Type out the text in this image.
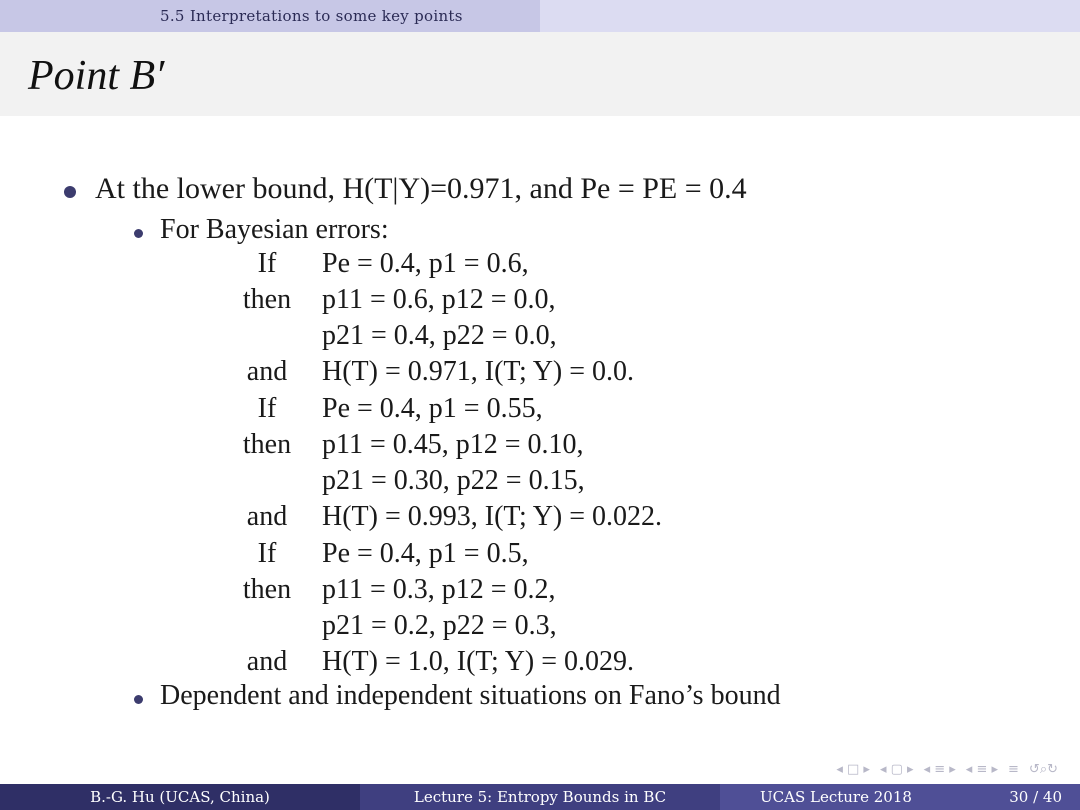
5.5 Interpretations to some key points
Point B′
At the lower bound, H(T|Y)=0.971, and Pe = PE = 0.4
For Bayesian errors:
If	Pe = 0.4, p1 = 0.6,
then	p11 = 0.6, p12 = 0.0,
p21 = 0.4, p22 = 0.0,
and	H(T) = 0.971, I(T; Y) = 0.0.
If	Pe = 0.4, p1 = 0.55,
then	p11 = 0.45, p12 = 0.10,
p21 = 0.30, p22 = 0.15,
and	H(T) = 0.993, I(T; Y) = 0.022.
If	Pe = 0.4, p1 = 0.5,
then	p11 = 0.3, p12 = 0.2,
p21 = 0.2, p22 = 0.3,
and	H(T) = 1.0, I(T; Y) = 0.029.
Dependent and independent situations on Fano’s bound
◂ □ ▸ ◂ ▢ ▸ ◂ ≡ ▸ ◂ ≡ ▸ ≡ ↺⌕↻
B.-G. Hu (UCAS, China)	Lecture 5: Entropy Bounds in BC	UCAS Lecture 2018	30 / 40
